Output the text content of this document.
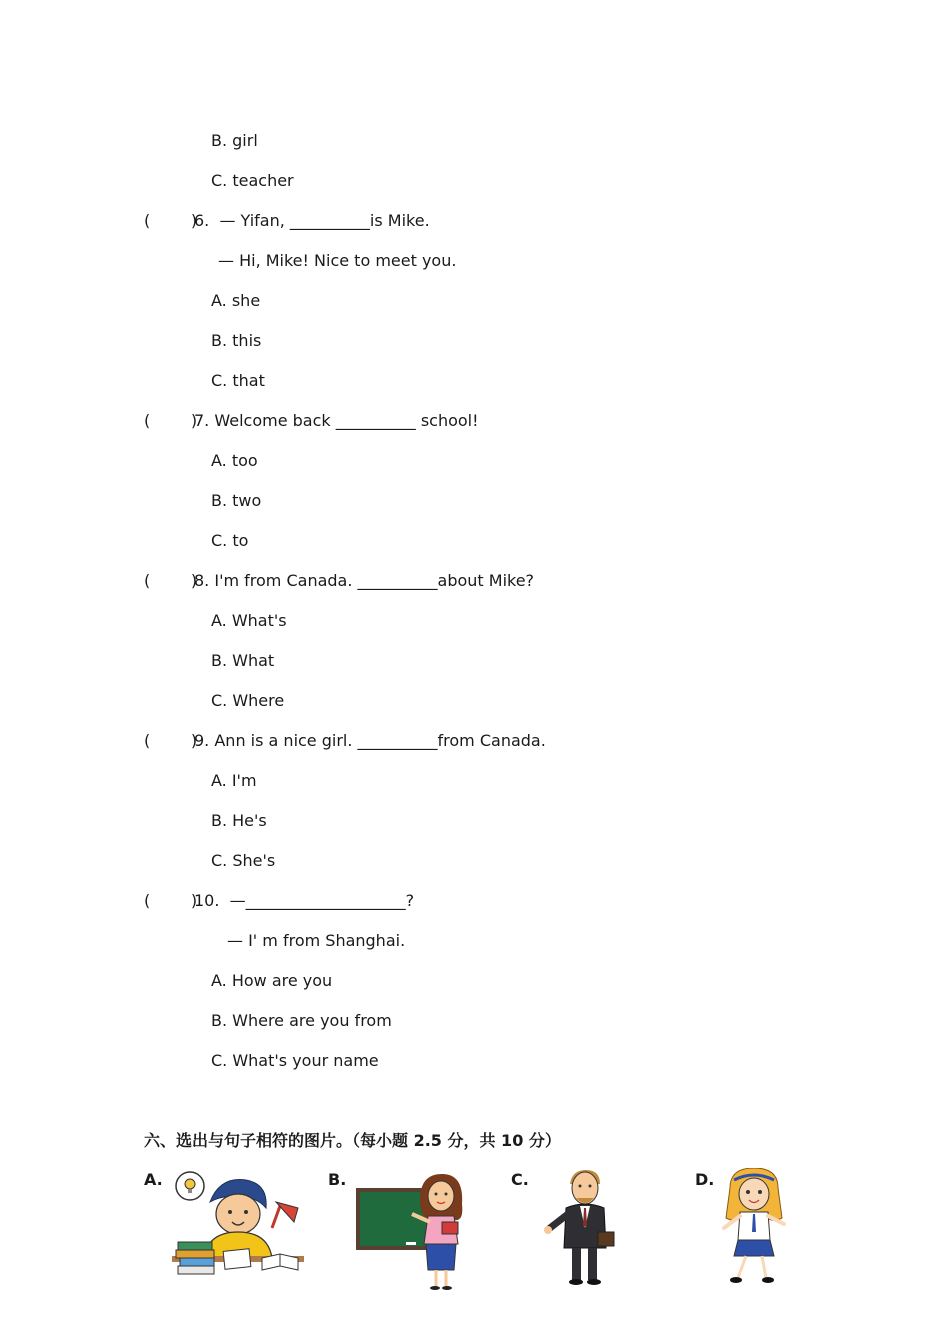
B. girl
C. teacher
(        )
6.  — Yifan, __________is Mike.
— Hi, Mike! Nice to meet you.
A. she
B. this
C. that
(        )
7. Welcome back __________ school!
A. too
B. two
C. to
(        )
8. I'm from Canada. __________about Mike?
A. What's
B. What
C. Where
(        )
9. Ann is a nice girl. __________from Canada.
A. I'm
B. He's
C. She's
(        )
10.  —____________________?
— I' m from Shanghai.
A. How are you
B. Where are you from
C. What's your name
六、选出与句子相符的图片。（每小题 2.5 分，共 10 分）
A.	B.	C.	D.
